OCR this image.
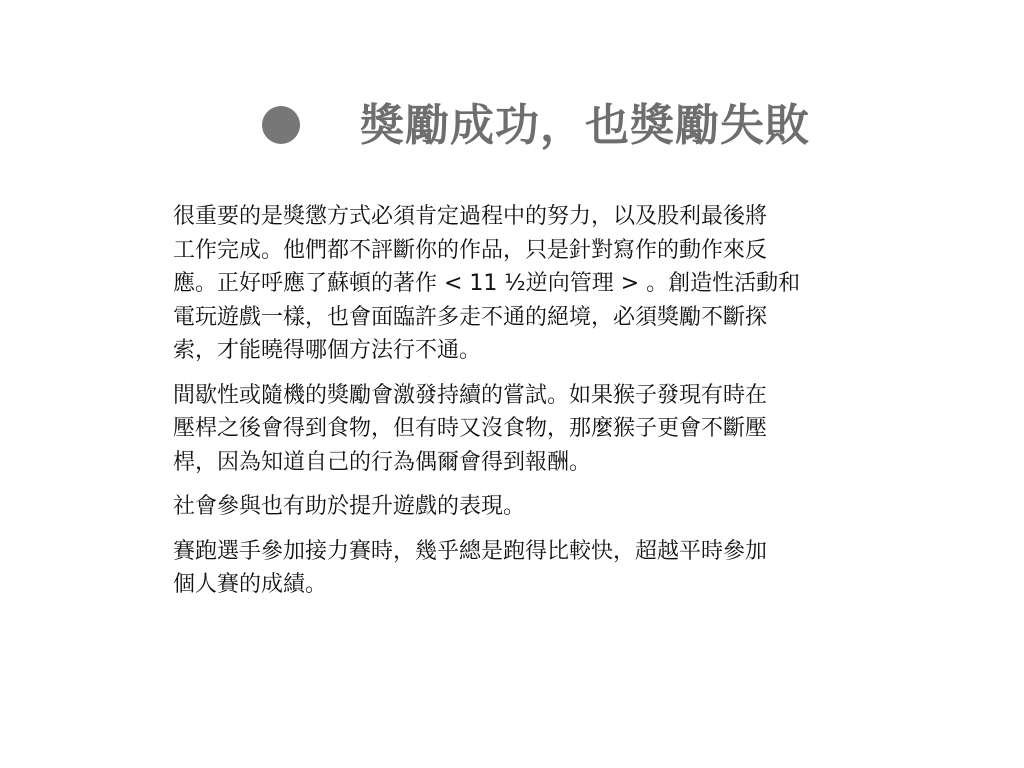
獎勵成功，也獎勵失敗

很重要的是獎懲方式必須肯定過程中的努力，以及股利最後將
工作完成。他們都不評斷你的作品，只是針對寫作的動作來反
應。正好呼應了蘇頓的著作 < 11 ½逆向管理 > 。創造性活動和
電玩遊戲一樣，也會面臨許多走不通的絕境，必須獎勵不斷探
索，才能曉得哪個方法行不通。

間歇性或隨機的獎勵會激發持續的嘗試。如果猴子發現有時在
壓桿之後會得到食物，但有時又沒食物，那麼猴子更會不斷壓
桿，因為知道自己的行為偶爾會得到報酬。

社會參與也有助於提升遊戲的表現。

賽跑選手參加接力賽時，幾乎總是跑得比較快，超越平時參加
個人賽的成績。
